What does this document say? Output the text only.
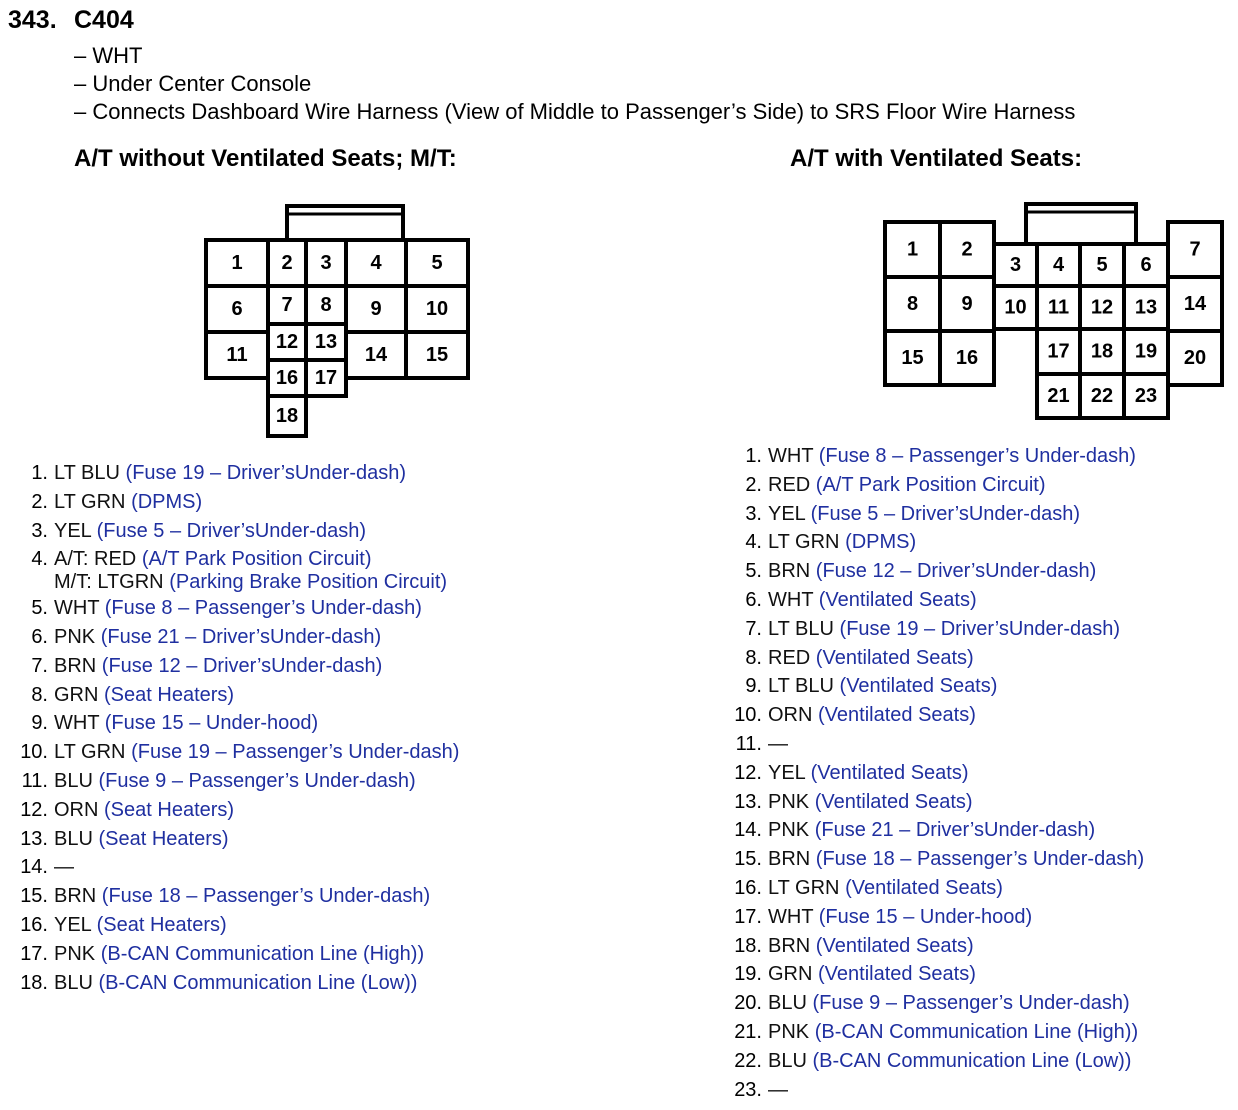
343. C404
– WHT
– Under Center Console
– Connects Dashboard Wire Harness (View of Middle to Passenger’s Side) to SRS Floor Wire Harness
A/T without Ventilated Seats; M/T:	A/T with Ventilated Seats:
1 2 3 4 5
6 7 8 9 10
11
12 13
14 15
16 17
18
1 2
3 4 5 6
7
8 9 10 11 12 13 14
15 16	17 18 19 20
21 22 23
1. LT BLU (Fuse 19 – Driver’sUnder-dash)
2. LT GRN (DPMS)
3. YEL (Fuse 5 – Driver’sUnder-dash)
4. A/T: RED (A/T Park Position Circuit)
M/T: LTGRN (Parking Brake Position Circuit)
5. WHT (Fuse 8 – Passenger’s Under-dash)
6. PNK (Fuse 21 – Driver’sUnder-dash)
7. BRN (Fuse 12 – Driver’sUnder-dash)
8. GRN (Seat Heaters)
9. WHT (Fuse 15 – Under-hood)
10. LT GRN (Fuse 19 – Passenger’s Under-dash)
11. BLU (Fuse 9 – Passenger’s Under-dash)
12. ORN (Seat Heaters)
13. BLU (Seat Heaters)
14. —
15. BRN (Fuse 18 – Passenger’s Under-dash)
16. YEL (Seat Heaters)
17. PNK (B-CAN Communication Line (High))
18. BLU (B-CAN Communication Line (Low))
1. WHT (Fuse 8 – Passenger’s Under-dash)
2. RED (A/T Park Position Circuit)
3. YEL (Fuse 5 – Driver’sUnder-dash)
4. LT GRN (DPMS)
5. BRN (Fuse 12 – Driver’sUnder-dash)
6. WHT (Ventilated Seats)
7. LT BLU (Fuse 19 – Driver’sUnder-dash)
8. RED (Ventilated Seats)
9. LT BLU (Ventilated Seats)
10. ORN (Ventilated Seats)
11. —
12. YEL (Ventilated Seats)
13. PNK (Ventilated Seats)
14. PNK (Fuse 21 – Driver’sUnder-dash)
15. BRN (Fuse 18 – Passenger’s Under-dash)
16. LT GRN (Ventilated Seats)
17. WHT (Fuse 15 – Under-hood)
18. BRN (Ventilated Seats)
19. GRN (Ventilated Seats)
20. BLU (Fuse 9 – Passenger’s Under-dash)
21. PNK (B-CAN Communication Line (High))
22. BLU (B-CAN Communication Line (Low))
23. —
